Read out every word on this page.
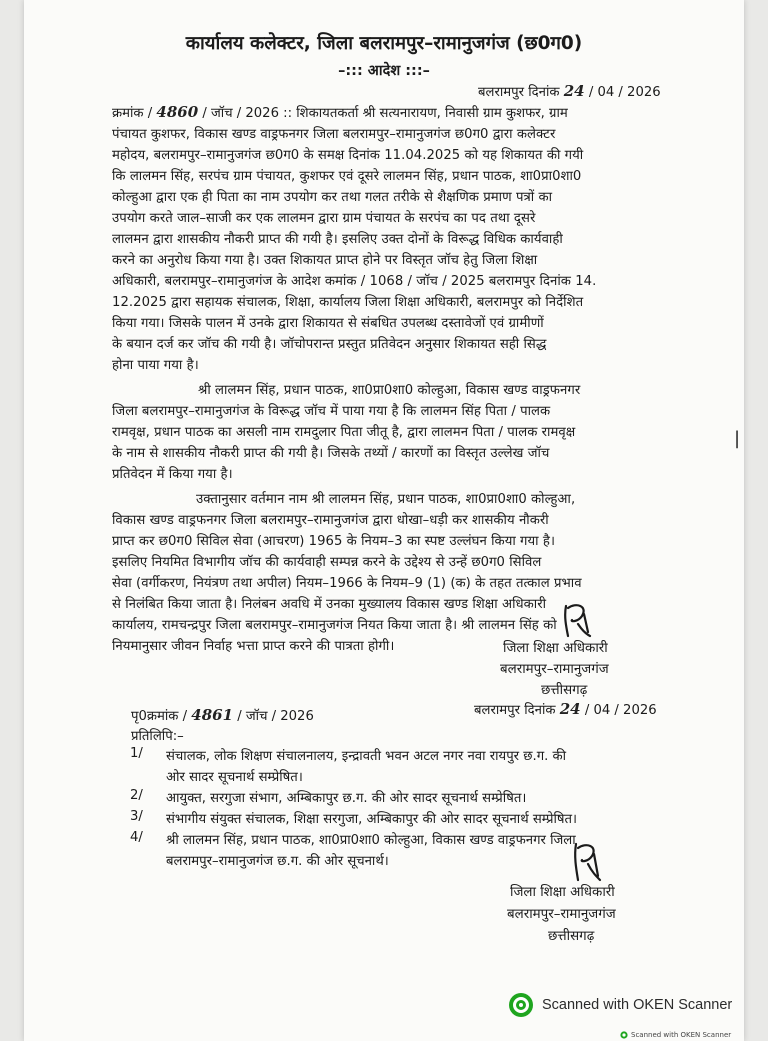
कार्यालय कलेक्टर, जिला बलरामपुर–रामानुजगंज (छ0ग0)
–::: आदेश :::–
बलरामपुर दिनांक 24 / 04 / 2026
क्रमांक / 4860 / जॉच / 2026 :: शिकायतकर्ता श्री सत्यनारायण, निवासी ग्राम कुशफर, ग्राम
पंचायत कुशफर, विकास खण्ड वाड्रफनगर जिला बलरामपुर–रामानुजगंज छ0ग0 द्वारा कलेक्टर
महोदय, बलरामपुर–रामानुजगंज छ0ग0 के समक्ष दिनांक 11.04.2025 को यह शिकायत की गयी
कि लालमन सिंह, सरपंच ग्राम पंचायत, कुशफर एवं दूसरे लालमन सिंह, प्रधान पाठक, शा0प्रा0शा0
कोल्हुआ द्वारा एक ही पिता का नाम उपयोग कर तथा गलत तरीके से शैक्षणिक प्रमाण पत्रों का
उपयोग करते जाल–साजी कर एक लालमन द्वारा ग्राम पंचायत के सरपंच का पद तथा दूसरे
लालमन द्वारा शासकीय नौकरी प्राप्त की गयी है। इसलिए उक्त दोनों के विरूद्ध विधिक कार्यवाही
करने का अनुरोध किया गया है। उक्त शिकायत प्राप्त होने पर विस्तृत जॉच हेतु जिला शिक्षा
अधिकारी, बलरामपुर–रामानुजगंज के आदेश कमांक / 1068 / जॉच / 2025 बलरामपुर दिनांक 14.
12.2025 द्वारा सहायक संचालक, शिक्षा, कार्यालय जिला शिक्षा अधिकारी, बलरामपुर को निर्देशित
किया गया। जिसके पालन में उनके द्वारा शिकायत से संबधित उपलब्ध दस्तावेजों एवं ग्रामीणों
के बयान दर्ज कर जॉच की गयी है। जॉचोपरान्त प्रस्तुत प्रतिवेदन अनुसार शिकायत सही सिद्ध
होना पाया गया है।
श्री लालमन सिंह, प्रधान पाठक, शा0प्रा0शा0 कोल्हुआ, विकास खण्ड वाड्रफनगर
जिला बलरामपुर–रामानुजगंज के विरूद्ध जॉच में पाया गया है कि लालमन सिंह पिता / पालक
रामवृक्ष, प्रधान पाठक का असली नाम रामदुलार पिता जीतू है, द्वारा लालमन पिता / पालक रामवृक्ष
के नाम से शासकीय नौकरी प्राप्त की गयी है। जिसके तथ्यों / कारणों का विस्तृत उल्लेख जॉच
प्रतिवेदन में किया गया है।
उक्तानुसार वर्तमान नाम श्री लालमन सिंह, प्रधान पाठक, शा0प्रा0शा0 कोल्हुआ,
विकास खण्ड वाड्रफनगर जिला बलरामपुर–रामानुजगंज द्वारा धोखा–धड़ी कर शासकीय नौकरी
प्राप्त कर छ0ग0 सिविल सेवा (आचरण) 1965 के नियम–3 का स्पष्ट उल्लंघन किया गया है।
इसलिए नियमित विभागीय जॉच की कार्यवाही सम्पन्न करने के उद्देश्य से उन्हें छ0ग0 सिविल
सेवा (वर्गीकरण, नियंत्रण तथा अपील) नियम–1966 के नियम–9 (1) (क) के तहत तत्काल प्रभाव
से निलंबित किया जाता है। निलंबन अवधि में उनका मुख्यालय विकास खण्ड शिक्षा अधिकारी
कार्यालय, रामचन्द्रपुर जिला बलरामपुर–रामानुजगंज नियत किया जाता है। श्री लालमन सिंह को
नियमानुसार जीवन निर्वाह भत्ता प्राप्त करने की पात्रता होगी।	जिला शिक्षा अधिकारी
बलरामपुर–रामानुजगंज
छत्तीसगढ़
पृ0क्रमांक / 4861 / जॉच / 2026	बलरामपुर दिनांक 24 / 04 / 2026
प्रतिलिपि:–
1/ संचालक, लोक शिक्षण संचालनालय, इन्द्रावती भवन अटल नगर नवा रायपुर छ.ग. की
ओर सादर सूचनार्थ सम्प्रेषित।
2/ आयुक्त, सरगुजा संभाग, अम्बिकापुर छ.ग. की ओर सादर सूचनार्थ सम्प्रेषित।
3/ संभागीय संयुक्त संचालक, शिक्षा सरगुजा, अम्बिकापुर की ओर सादर सूचनार्थ सम्प्रेषित।
4/ श्री लालमन सिंह, प्रधान पाठक, शा0प्रा0शा0 कोल्हुआ, विकास खण्ड वाड्रफनगर जिला
बलरामपुर–रामानुजगंज छ.ग. की ओर सूचनार्थ।
जिला शिक्षा अधिकारी
बलरामपुर–रामानुजगंज
छत्तीसगढ़
|
Scanned with OKEN Scanner
Scanned with OKEN Scanner
